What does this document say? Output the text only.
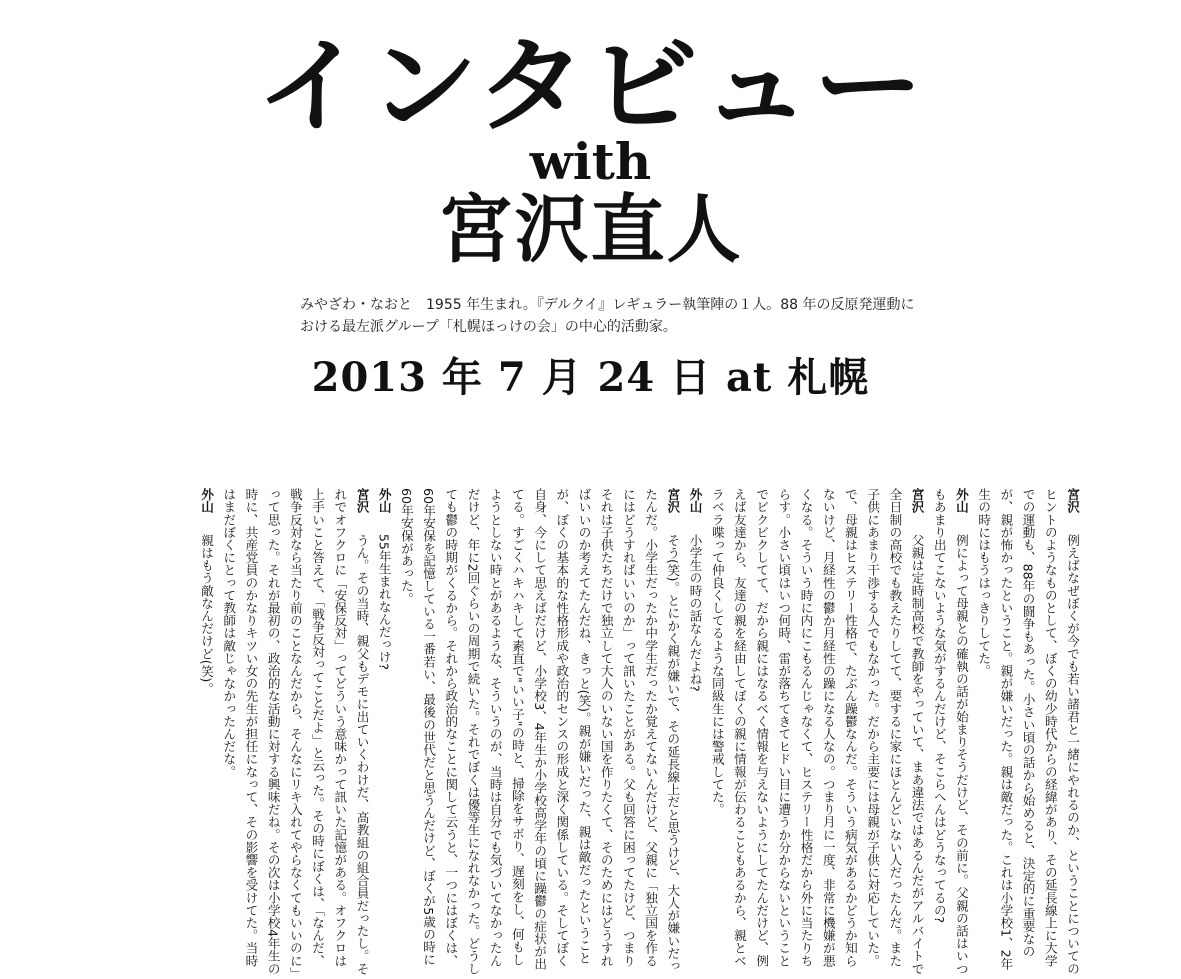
インタビュー
with
宮沢直人

みやざわ・なおと　1955 年生まれ。『デルクイ』レギュラー執筆陣の１人。88 年の反原発運動に

おける最左派グループ「札幌ほっけの会」の中心的活動家。

2013 年 7 月 24 日 at 札幌

宮沢　例えばなぜぼくが今でも若い諸君と一緒にやれるのか、ということについてのヒントのようなものとして、ぼくの幼少時代からの経緯があり、その延長線上に大学での運動も、88年の闘争もあった。小さい頃の話から始めると、決定的に重要なのが、親が怖かったということ。親が嫌いだった。親は敵だった。これは小学校1、2年生の時にはもうはっきりしてた。

外山　例によって母親との確執の話が始まりそうだけど、その前に。父親の話はいつもあまり出てこないような気がするんだけど、そこらへんはどうなってるの?

宮沢　父親は定時制高校で教師をやっていて、まあ違法ではあるんだがアルバイトで全日制の高校でも教えたりしてて、要するに家にほとんどいない人だったんだ。また子供にあまり干渉する人でもなかった。だから主要には母親が子供に対応していた。で、母親はヒステリー性格で、たぶん躁鬱なんだ。そういう病気があるかどうか知らないけど、月経性の鬱か月経性の躁になる人なの。つまり月に一度、非常に機嫌が悪くなる。そういう時に内にこもるんじゃなくて、ヒステリー性格だから外に当たりちらす。小さい頃はいつ何時、雷が落ちてきてヒドい目に遭うか分からないということでビクビクしてて、だから親にはなるべく情報を与えないようにしてたんだけど、例えば友達から、友達の親を経由してぼくの親に情報が伝わることもあるから、親とベラベラ喋って仲良くしてるような同級生には警戒してた。

外山　小学生の時の話なんだよね?

宮沢　そう(笑)。とにかく親が嫌いで、その延長線上だと思うけど、大人が嫌いだったんだ。小学生だったか中学生だったか覚えてないんだけど、父親に「独立国を作るにはどうすればいいのか」って訊いたことがある。父も回答に困ってたけど、つまりそれは子供たちだけで独立して大人のいない国を作りたくて、そのためにはどうすればいいのか考えてたんだね、きっと(笑)。親が嫌いだった、親は敵だったということが、ぼくの基本的な性格形成や政治的センスの形成と深く関係している。そしてぼく自身、今にして思えばだけど、小学校3、4年生か小学校高学年の頃に躁鬱の症状が出てる。すごくハキハキして素直で"いい子"の時と、掃除をサボり、遅刻をし、何もしようとしない時とがあるような、そういうのが、当時は自分でも気づいてなかったんだけど、年に2回ぐらいの周期で続いた。それでぼくは優等生になれなかった。どうしても鬱の時期がくるから。それから政治的なことに関して云うと、一つにはぼくは、60年安保を記憶している一番若い、最後の世代だと思うんだけど、ぼくが5歳の時に60年安保があった。

外山　55年生まれなんだっけ?

宮沢　うん。その当時、親父もデモに出ていくわけだ、高教組の組合員だったし。それでオフクロに「安保反対」ってどういう意味かって訊いた記憶がある。オフクロは上手いこと答えて、「戦争反対ってことだよ」と云った。その時にぼくは、「なんだ、戦争反対なら当たり前のことなんだから、そんなにリキ入れてやらなくてもいいのに」って思った。それが最初の、政治的な活動に対する興味だね。その次は小学校4年生の時に、共産党員のかなりキツい女の先生が担任になって、その影響を受けてた。当時はまだぼくにとって教師は敵じゃなかったんだな。

外山　親はもう敵なんだけど(笑)。
